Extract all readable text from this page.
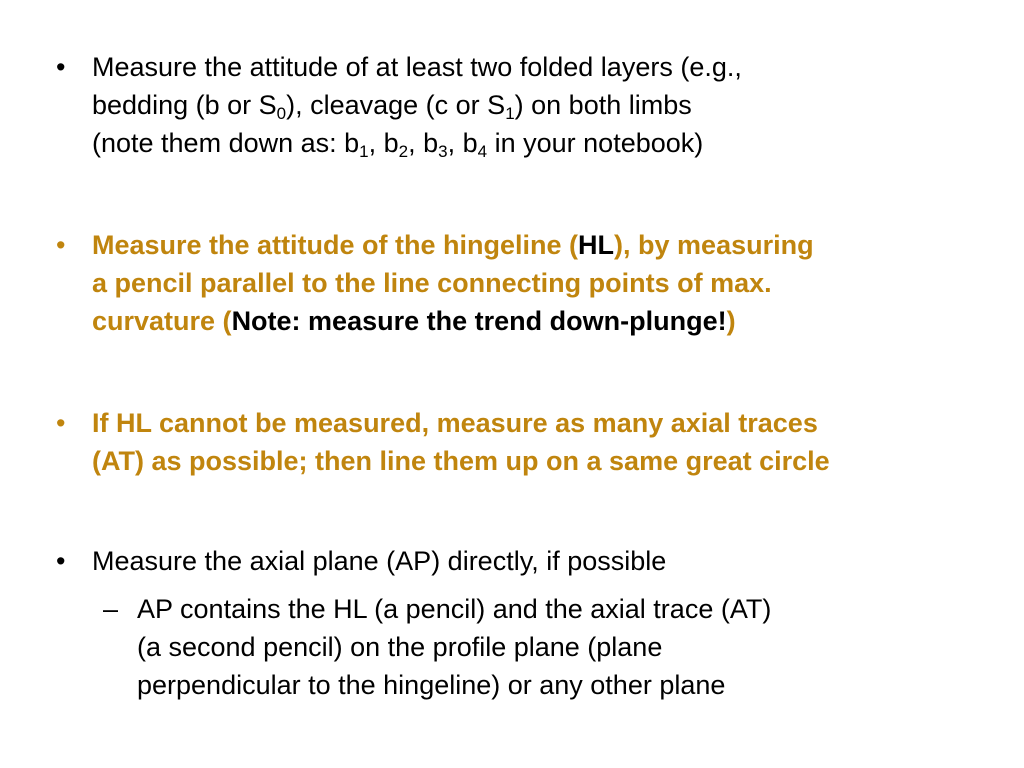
• Measure the attitude of at least two folded layers (e.g.,
bedding (b or $S_0$), cleavage (c or $S_1$) on both limbs
(note them down as: $b_1$, $b_2$, $b_3$, $b_4$ in your notebook)
• Measure the attitude of the hingeline (HL), by measuring
a pencil parallel to the line connecting points of max.
curvature (Note: measure the trend down-plunge!)
• If HL cannot be measured, measure as many axial traces
(AT) as possible; then line them up on a same great circle
• Measure the axial plane (AP) directly, if possible
– AP contains the HL (a pencil) and the axial trace (AT)
(a second pencil) on the profile plane (plane
perpendicular to the hingeline) or any other plane
